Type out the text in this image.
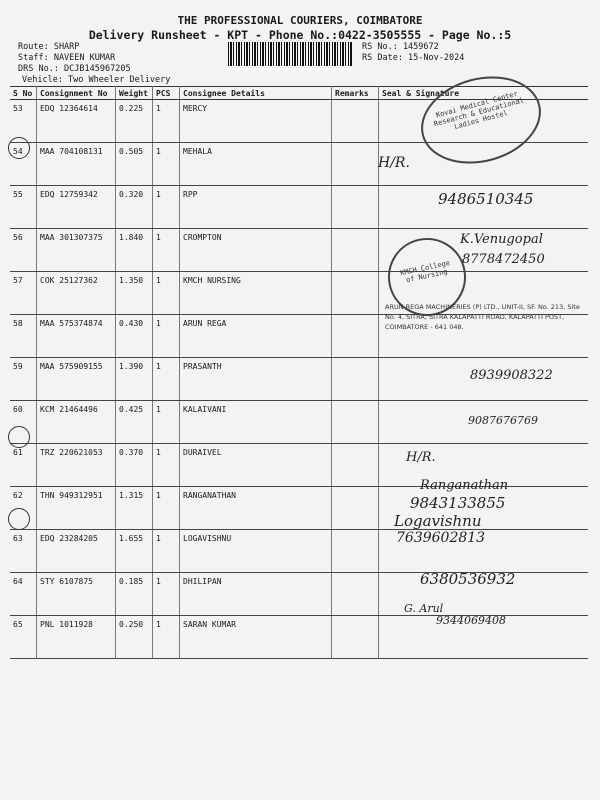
THE PROFESSIONAL COURIERS, COIMBATORE
Delivery Runsheet - KPT - Phone No.:0422-3505555 - Page No.:5
Route: SHARP
Staff: NAVEEN KUMAR
DRS No.: DCJB145967205
Vehicle: Two Wheeler Delivery
RS No.: 1459672
RS Date: 15-Nov-2024
S No	Consignment No	Weight	PCS	Consignee Details	Remarks	Seal & Signature
53	EDQ 12364614	0.225	1	MERCY		
54	MAA 704108131	0.505	1	MEHALA		
55	EDQ 12759342	0.320	1	RPP		
56	MAA 301307375	1.840	1	CROMPTON		
57	COK 25127362	1.350	1	KMCH NURSING		
58	MAA 575374874	0.430	1	ARUN REGA		
59	MAA 575909155	1.390	1	PRASANTH		
60	KCM 21464496	0.425	1	KALAIVANI		
61	TRZ 220621053	0.370	1	DURAIVEL		
62	THN 949312951	1.315	1	RANGANATHAN		
63	EDQ 23284205	1.655	1	LOGAVISHNU		
64	STY 6107875	0.185	1	DHILIPAN		
65	PNL 1011928	0.250	1	SARAN KUMAR		
Kovai Medical Center Research & Educational Ladies Hostel
KMCH College of Nursing
ARUN REGA MACHINERIES (P) LTD., UNIT-II, SF. No. 213, Site No. 4, SITRA, SITRA KALAPATTI ROAD, KALAPATTI POST, COIMBATORE - 641 048.
H/R.
9486510345
K.Venugopal
8778472450
8939908322
9087676769
H/R.
Ranganathan
9843133855
Logavishnu
7639602813
6380536932
G. Arul
9344069408
